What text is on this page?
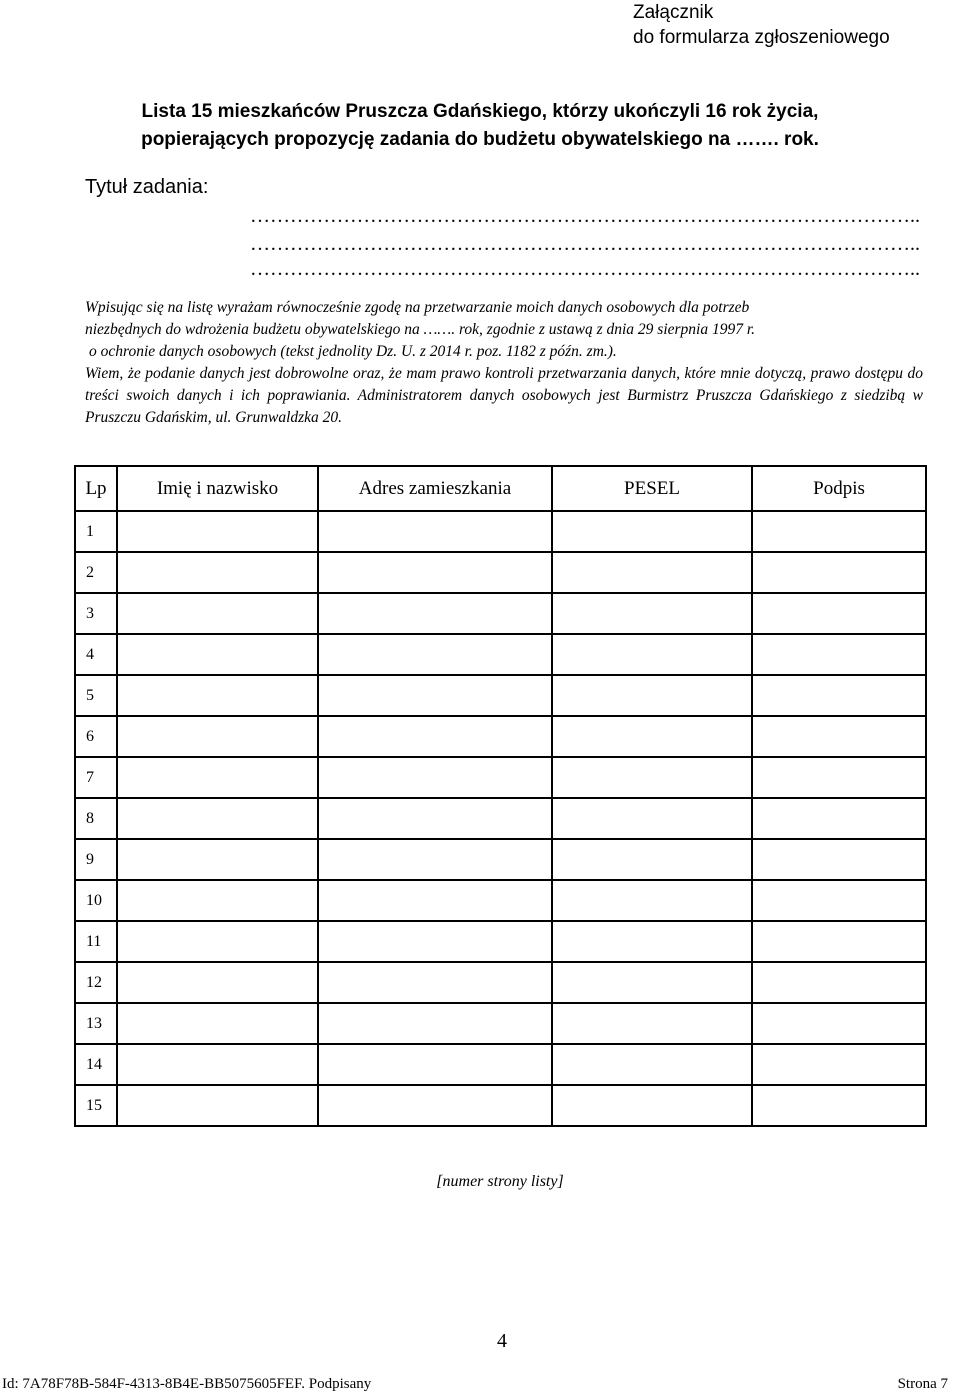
Załącznik
do formularza zgłoszeniowego
Lista 15 mieszkańców Pruszcza Gdańskiego, którzy ukończyli 16 rok życia,
popierających propozycję zadania do budżetu obywatelskiego na ……. rok.
Tytuł zadania:
………………………………………………………………………………………..
………………………………………………………………………………………..
………………………………………………………………………………………..

Wpisując się na listę wyrażam równocześnie zgodę na przetwarzanie moich danych osobowych dla potrzeb

niezbędnych do wdrożenia budżetu obywatelskiego na ……. rok, zgodnie z ustawą z dnia 29 sierpnia 1997 r.

o ochronie danych osobowych (tekst jednolity Dz. U. z 2014 r. poz. 1182 z późn. zm.).

Wiem, że podanie danych jest dobrowolne oraz, że mam prawo kontroli przetwarzania danych, które mnie dotyczą, prawo dostępu do treści swoich danych i ich poprawiania. Administratorem danych osobowych jest Burmistrz Pruszcza Gdańskiego z siedzibą w Pruszczu Gdańskim, ul. Grunwaldzka 20.

Lp	Imię i nazwisko	Adres zamieszkania	PESEL	Podpis
1				
2				
3				
4				
5				
6				
7				
8				
9				
10				
11				
12				
13				
14				
15				
[numer strony listy]
4
Id: 7A78F78B-584F-4313-8B4E-BB5075605FEF. Podpisany	Strona 7
